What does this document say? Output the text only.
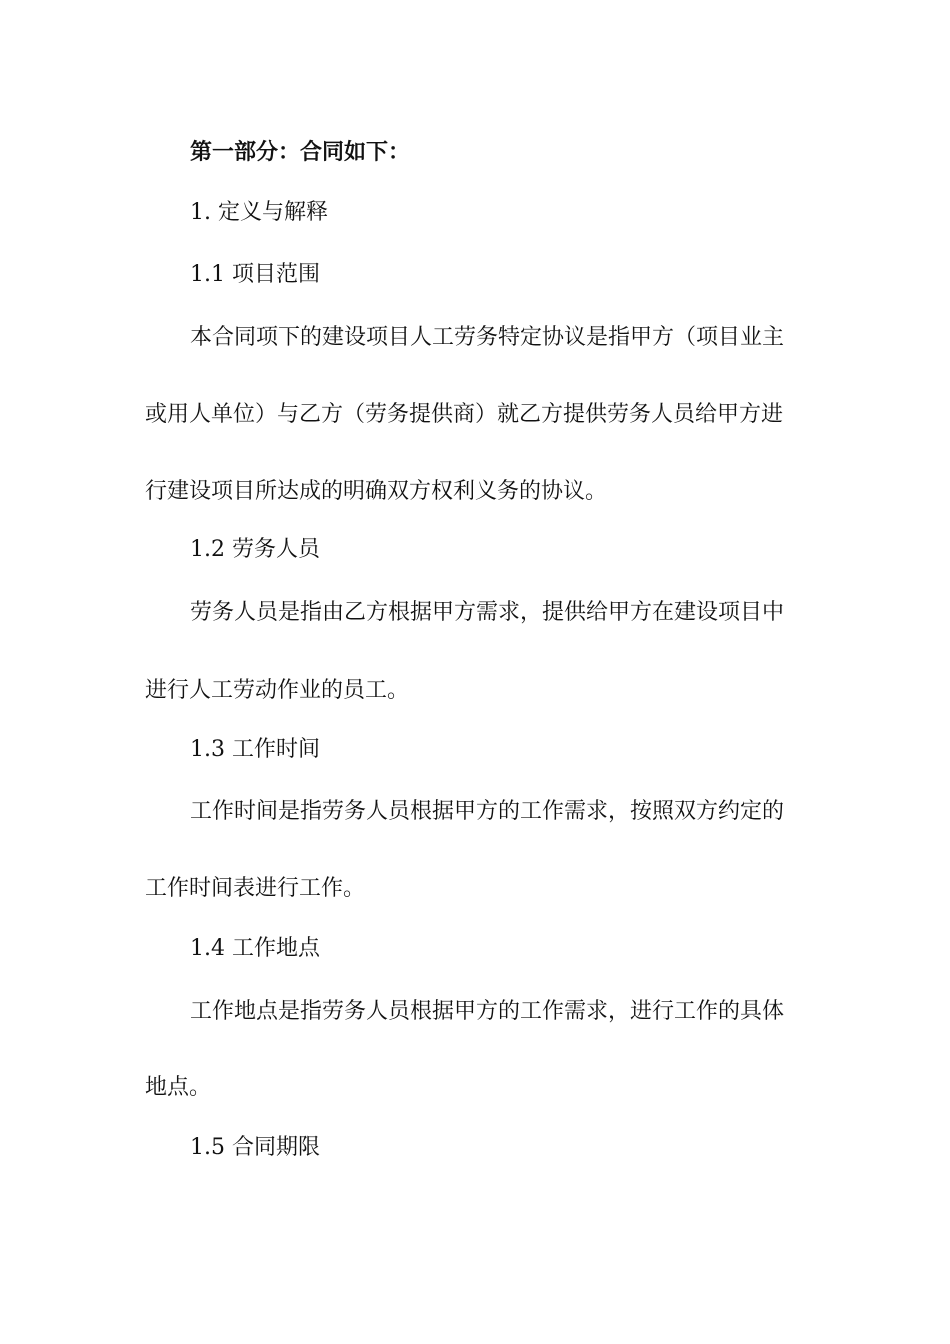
第一部分：合同如下：
1. 定义与解释
1.1 项目范围
本合同项下的建设项目人工劳务特定协议是指甲方（项目业主
或用人单位）与乙方（劳务提供商）就乙方提供劳务人员给甲方进
行建设项目所达成的明确双方权利义务的协议。
1.2 劳务人员
劳务人员是指由乙方根据甲方需求，提供给甲方在建设项目中
进行人工劳动作业的员工。
1.3 工作时间
工作时间是指劳务人员根据甲方的工作需求，按照双方约定的
工作时间表进行工作。
1.4 工作地点
工作地点是指劳务人员根据甲方的工作需求，进行工作的具体
地点。
1.5 合同期限
